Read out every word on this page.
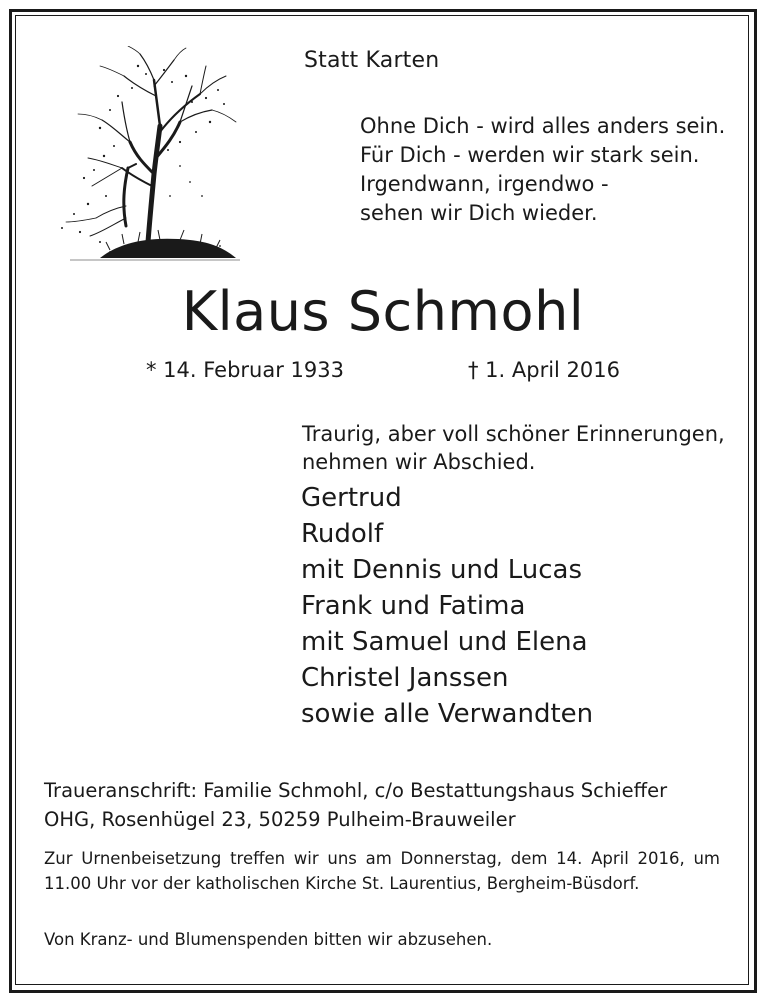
Statt Karten
Ohne Dich - wird alles anders sein.
Für Dich - werden wir stark sein.
Irgendwann, irgendwo -
sehen wir Dich wieder.
Klaus Schmohl
* 14. Februar 1933	† 1. April 2016
Traurig, aber voll schöner Erinnerungen,
nehmen wir Abschied.
Gertrud
Rudolf
mit Dennis und Lucas
Frank und Fatima
mit Samuel und Elena
Christel Janssen
sowie alle Verwandten
Traueranschrift: Familie Schmohl, c/o Bestattungshaus Schieffer OHG, Rosenhügel 23, 50259 Pulheim-Brauweiler
Zur Urnenbeisetzung treffen wir uns am Donnerstag, dem 14. April 2016, um 11.00 Uhr vor der katholischen Kirche St. Laurentius, Bergheim-Büsdorf.
Von Kranz- und Blumenspenden bitten wir abzusehen.
